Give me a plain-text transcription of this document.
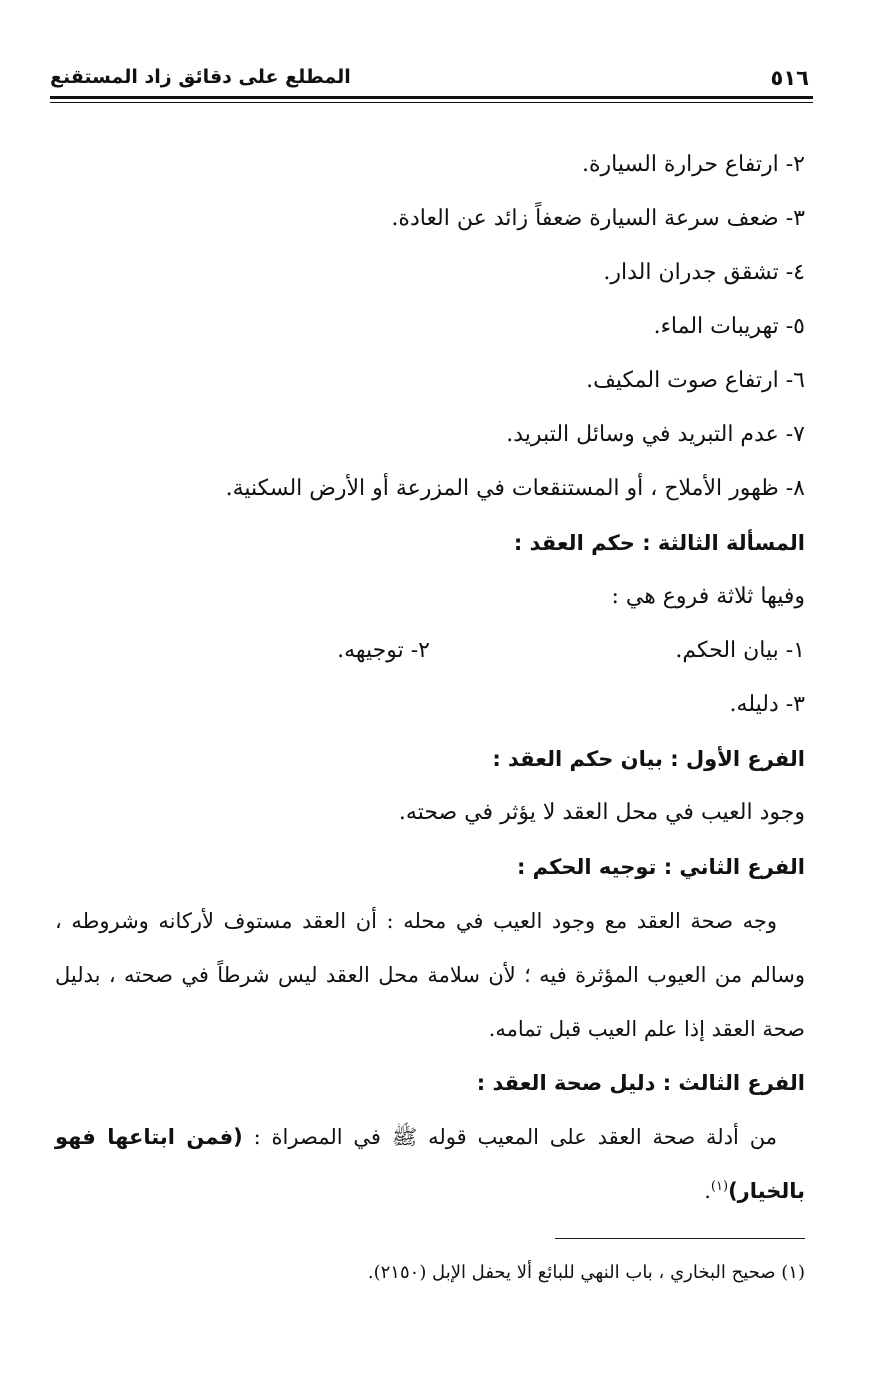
٥١٦
المطلع على دقائق زاد المستقنع
٢- ارتفاع حرارة السيارة.
٣- ضعف سرعة السيارة ضعفاً زائد عن العادة.
٤- تشقق جدران الدار.
٥- تهريبات الماء.
٦- ارتفاع صوت المكيف.
٧- عدم التبريد في وسائل التبريد.
٨- ظهور الأملاح ، أو المستنقعات في المزرعة أو الأرض السكنية.
المسألة الثالثة : حكم العقد :
وفيها ثلاثة فروع هي :
١- بيان الحكم.
٢- توجيهه.
٣- دليله.
الفرع الأول : بيان حكم العقد :
وجود العيب في محل العقد لا يؤثر في صحته.
الفرع الثاني : توجيه الحكم :
وجه صحة العقد مع وجود العيب في محله : أن العقد مستوف لأركانه وشروطه ، وسالم من العيوب المؤثرة فيه ؛ لأن سلامة محل العقد ليس شرطاً في صحته ، بدليل صحة العقد إذا علم العيب قبل تمامه.
الفرع الثالث : دليل صحة العقد :
من أدلة صحة العقد على المعيب قوله ﷺ في المصراة : (فمن ابتاعها فهو بالخيار)$^{(١)}$.
(١) صحيح البخاري ، باب النهي للبائع ألا يحفل الإبل (٢١٥٠).
